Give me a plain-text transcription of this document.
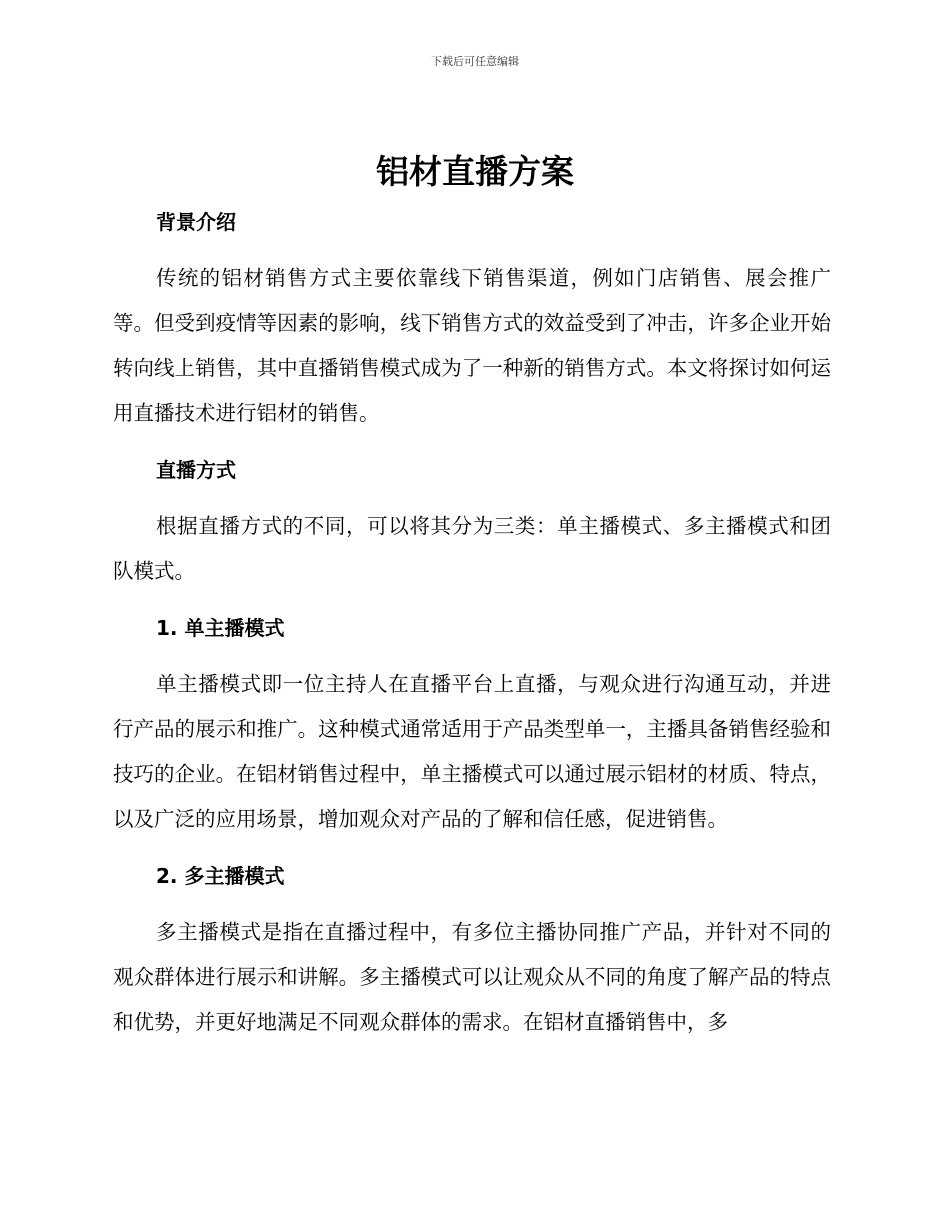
下载后可任意编辑
铝材直播方案
背景介绍

传统的铝材销售方式主要依靠线下销售渠道，例如门店销售、展会推广等。但受到疫情等因素的影响，线下销售方式的效益受到了冲击，许多企业开始转向线上销售，其中直播销售模式成为了一种新的销售方式。本文将探讨如何运用直播技术进行铝材的销售。

直播方式

根据直播方式的不同，可以将其分为三类：单主播模式、多主播模式和团队模式。

1. 单主播模式

单主播模式即一位主持人在直播平台上直播，与观众进行沟通互动，并进行产品的展示和推广。这种模式通常适用于产品类型单一，主播具备销售经验和技巧的企业。在铝材销售过程中，单主播模式可以通过展示铝材的材质、特点，以及广泛的应用场景，增加观众对产品的了解和信任感，促进销售。

2. 多主播模式

多主播模式是指在直播过程中，有多位主播协同推广产品，并针对不同的观众群体进行展示和讲解。多主播模式可以让观众从不同的角度了解产品的特点和优势，并更好地满足不同观众群体的需求。在铝材直播销售中，多
